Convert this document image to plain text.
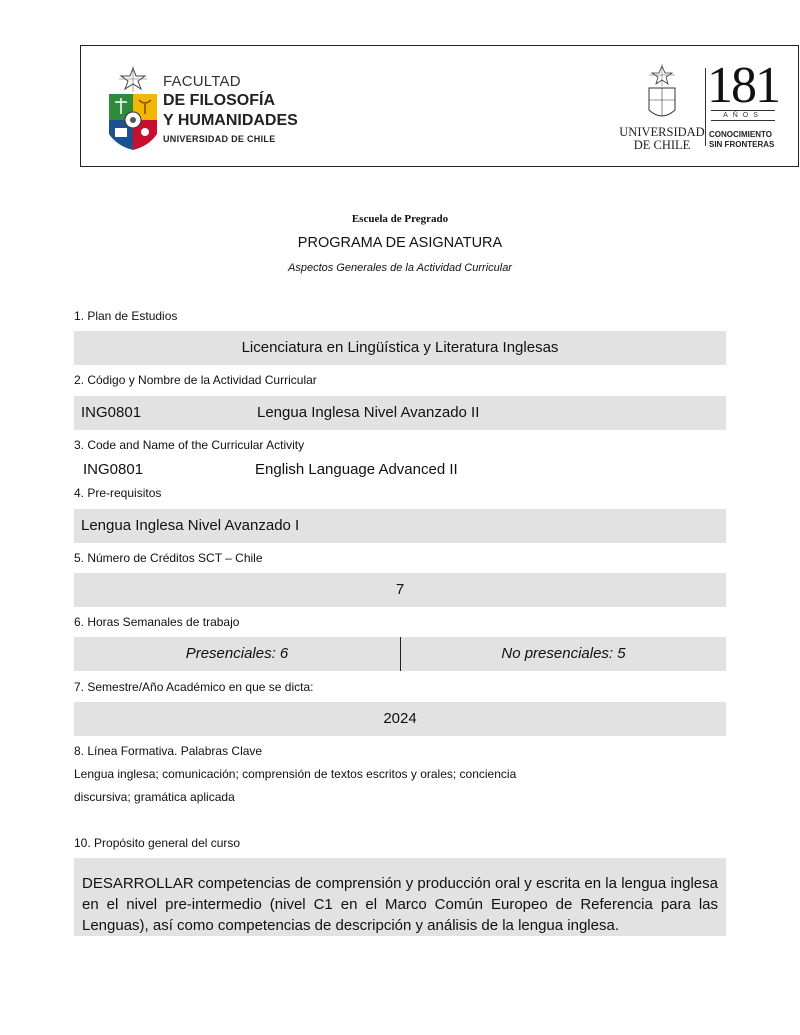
FACULTAD
DE FILOSOFÍA
Y HUMANIDADES
UNIVERSIDAD DE CHILE	UNIVERSIDAD
DE CHILE
181
AÑOS
CONOCIMIENTO
SIN FRONTERAS
Escuela de Pregrado
PROGRAMA DE ASIGNATURA
Aspectos Generales de la Actividad Curricular
1. Plan de Estudios
Licenciatura en Lingüística y Literatura Inglesas
2. Código y Nombre de la Actividad Curricular
ING0801	Lengua Inglesa Nivel Avanzado II
3. Code and Name of the Curricular Activity
ING0801	English Language Advanced II
4. Pre-requisitos
Lengua Inglesa Nivel Avanzado I
5. Número de Créditos SCT – Chile
7
6. Horas Semanales de trabajo
Presenciales: 6	No presenciales: 5
7. Semestre/Año Académico en que se dicta:
2024
8. Línea Formativa. Palabras Clave
Lengua inglesa; comunicación; comprensión de textos escritos y orales; conciencia
discursiva; gramática aplicada
10. Propósito general del curso
DESARROLLAR competencias de comprensión y producción oral y escrita en la lengua inglesa en el nivel pre-intermedio (nivel C1 en el Marco Común Europeo de Referencia para las Lenguas), así como competencias de descripción y análisis de la lengua inglesa.
